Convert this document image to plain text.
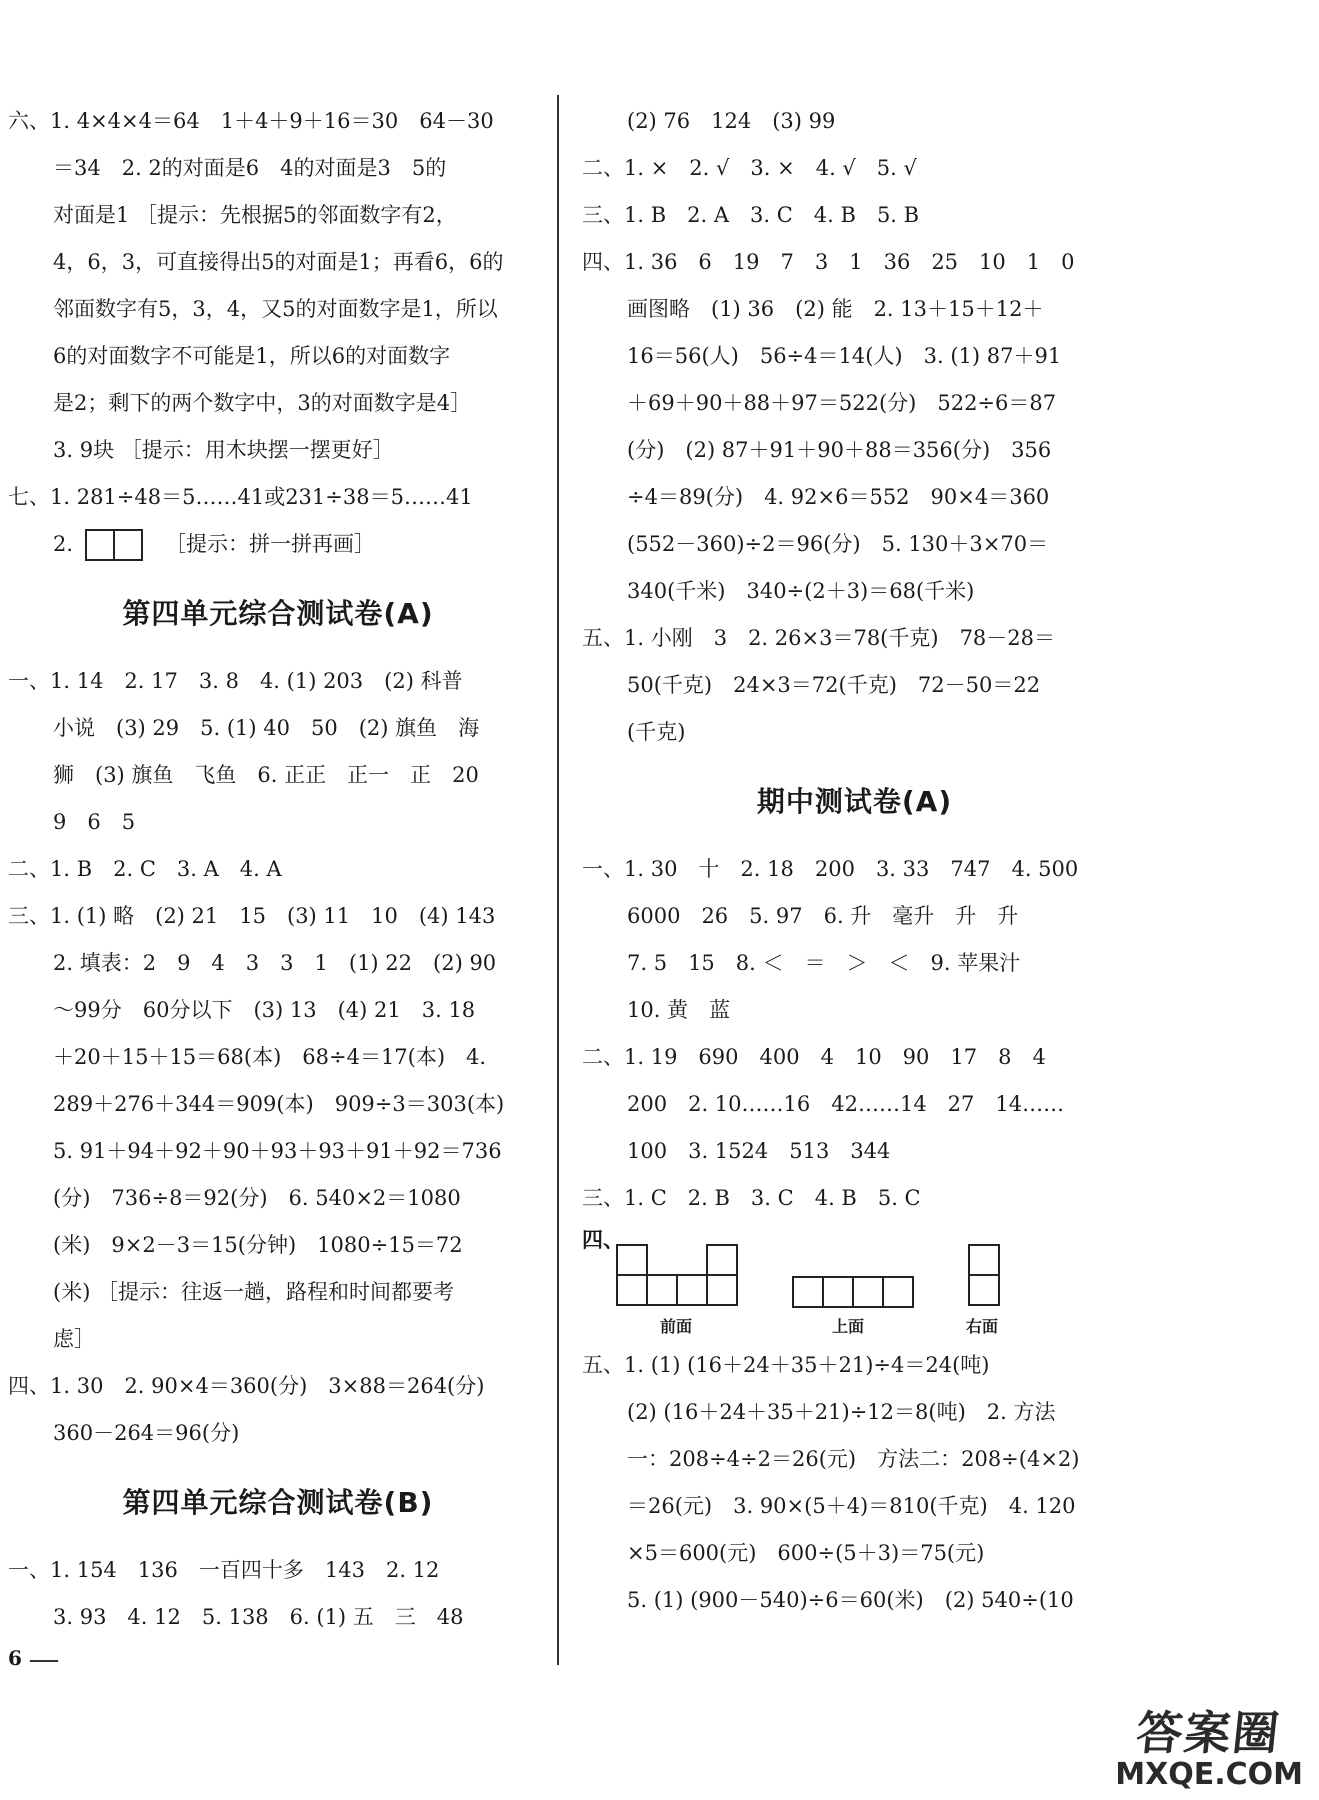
六、1. 4×4×4＝64　1＋4＋9＋16＝30　64－30
＝34　2. 2的对面是6　4的对面是3　5的
对面是1 ［提示：先根据5的邻面数字有2，
4，6，3，可直接得出5的对面是1；再看6，6的
邻面数字有5，3，4，又5的对面数字是1，所以
6的对面数字不可能是1，所以6的对面数字
是2；剩下的两个数字中，3的对面数字是4］
3. 9块 ［提示：用木块摆一摆更好］
七、1. 281÷48＝5……41或231÷38＝5……41
2.	［提示：拼一拼再画］
第四单元综合测试卷(A)
一、1. 14　2. 17　3. 8　4. (1) 203　(2) 科普
小说　(3) 29　5. (1) 40　50　(2) 旗鱼　海
狮　(3) 旗鱼　飞鱼　6. 正正　正一　正　20
9　6　5
二、1. B　2. C　3. A　4. A
三、1. (1) 略　(2) 21　15　(3) 11　10　(4) 143
2. 填表：2　9　4　3　3　1　(1) 22　(2) 90
～99分　60分以下　(3) 13　(4) 21　3. 18
＋20＋15＋15＝68(本)　68÷4＝17(本)　4.
289＋276＋344＝909(本)　909÷3＝303(本)
5. 91＋94＋92＋90＋93＋93＋91＋92＝736
(分)　736÷8＝92(分)　6. 540×2＝1080
(米)　9×2－3＝15(分钟)　1080÷15＝72
(米) ［提示：往返一趟，路程和时间都要考
虑］
四、1. 30　2. 90×4＝360(分)　3×88＝264(分)
360－264＝96(分)
第四单元综合测试卷(B)
一、1. 154　136　一百四十多　143　2. 12
3. 93　4. 12　5. 138　6. (1) 五　三　48
(2) 76　124　(3) 99
二、1. ×　2. √　3. ×　4. √　5. √
三、1. B　2. A　3. C　4. B　5. B
四、1. 36　6　19　7　3　1　36　25　10　1　0
画图略　(1) 36　(2) 能　2. 13＋15＋12＋
16＝56(人)　56÷4＝14(人)　3. (1) 87＋91
＋69＋90＋88＋97＝522(分)　522÷6＝87
(分)　(2) 87＋91＋90＋88＝356(分)　356
÷4＝89(分)　4. 92×6＝552　90×4＝360
(552－360)÷2＝96(分)　5. 130＋3×70＝
340(千米)　340÷(2＋3)＝68(千米)
五、1. 小刚　3　2. 26×3＝78(千克)　78－28＝
50(千克)　24×3＝72(千克)　72－50＝22
(千克)
期中测试卷(A)
一、1. 30　十　2. 18　200　3. 33　747　4. 500
6000　26　5. 97　6. 升　毫升　升　升
7. 5　15　8. ＜　＝　＞　＜　9. 苹果汁
10. 黄　蓝
二、1. 19　690　400　4　10　90　17　8　4
200　2. 10……16　42……14　27　14……
100　3. 1524　513　344
三、1. C　2. B　3. C　4. B　5. C
四、
前面	上面	右面
五、1. (1) (16＋24＋35＋21)÷4＝24(吨)
(2) (16＋24＋35＋21)÷12＝8(吨)　2. 方法
一：208÷4÷2＝26(元)　方法二：208÷(4×2)
＝26(元)　3. 90×(5＋4)＝810(千克)　4. 120
×5＝600(元)　600÷(5＋3)＝75(元)
5. (1) (900－540)÷6＝60(米)　(2) 540÷(10
6
答案圈
MXQE.COM
